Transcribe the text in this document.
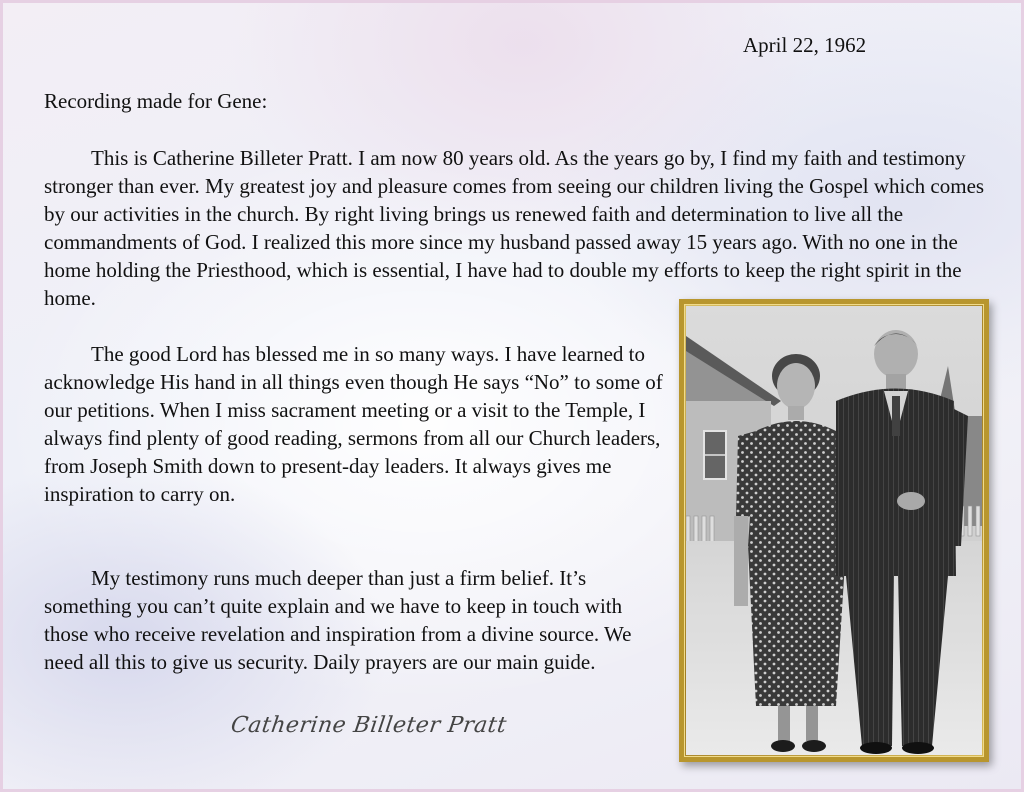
April 22, 1962
Recording made for Gene:

This is Catherine Billeter Pratt. I am now 80 years old. As the years go by, I find my faith and testimony stronger than ever. My greatest joy and pleasure comes from seeing our children living the Gospel which comes by our activities in the church. By right living brings us renewed faith and determination to live all the commandments of God. I realized this more since my husband passed away 15 years ago. With no one in the home holding the Priesthood, which is essential, I have had to double my efforts to keep the right spirit in the home.

The good Lord has blessed me in so many ways. I have learned to acknowledge His hand in all things even though He says “No” to some of our petitions. When I miss sacrament meeting or a visit to the Temple, I always find plenty of good reading, sermons from all our Church leaders, from Joseph Smith down to present-day leaders. It always gives me inspiration to carry on.

My testimony runs much deeper than just a firm belief. It’s something you can’t quite explain and we have to keep in touch with those who receive revelation and inspiration from a divine source. We need all this to give us security. Daily prayers are our main guide.

Catherine Billeter Pratt
